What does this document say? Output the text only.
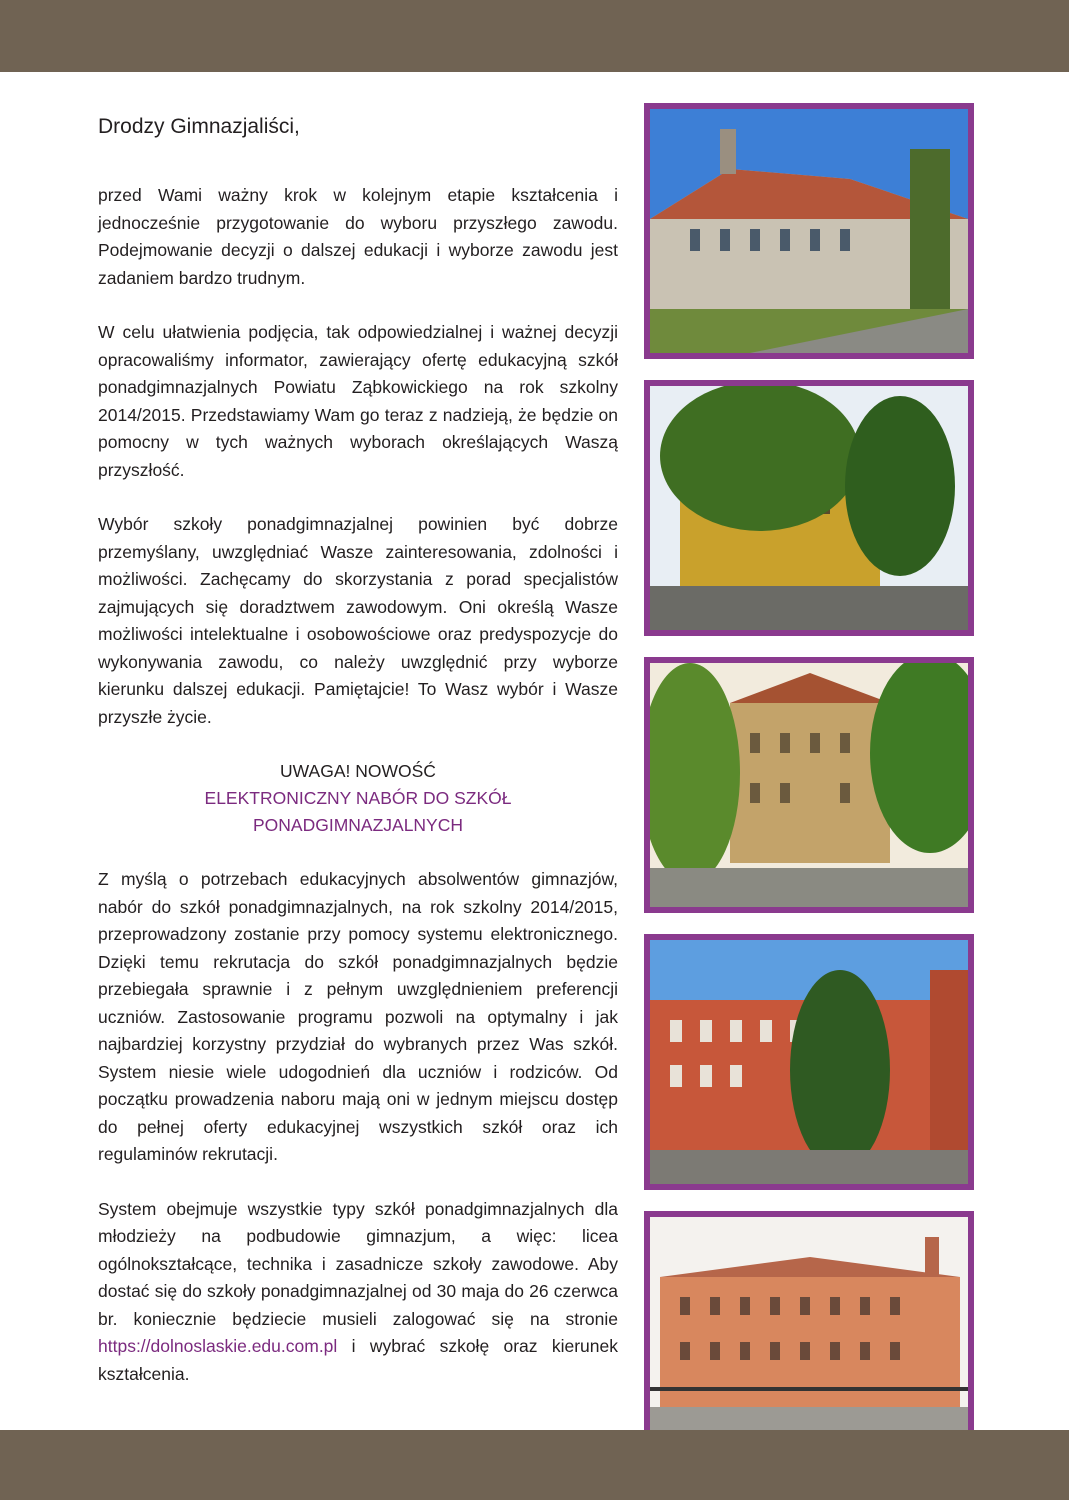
Drodzy Gimnazjaliści,

przed Wami ważny krok w kolejnym etapie kształcenia i jednocześnie przygotowanie do wyboru przyszłego zawodu. Podejmowanie decyzji o dalszej edukacji i wyborze zawodu jest zadaniem bardzo trudnym.

W celu ułatwienia podjęcia, tak odpowiedzialnej i ważnej decyzji opracowaliśmy informator, zawierający ofertę edukacyjną szkół ponadgimnazjalnych Powiatu Ząbkowickiego na rok szkolny 2014/2015. Przedstawiamy Wam go teraz z nadzieją, że będzie on pomocny w tych ważnych wyborach określających Waszą przyszłość.

Wybór szkoły ponadgimnazjalnej powinien być dobrze przemyślany, uwzględniać Wasze zainteresowania, zdolności i możliwości. Zachęcamy do skorzystania z porad specjalistów zajmujących się doradztwem zawodowym. Oni określą Wasze możliwości intelektualne i osobowościowe oraz predyspozycje do wykonywania zawodu, co należy uwzględnić przy wyborze kierunku dalszej edukacji. Pamiętajcie! To Wasz wybór i Wasze przyszłe życie.

UWAGA! NOWOŚĆ
ELEKTRONICZNY NABÓR DO SZKÓŁ
PONADGIMNAZJALNYCH

Z myślą o potrzebach edukacyjnych absolwentów gimnazjów, nabór do szkół ponadgimnazjalnych, na rok szkolny 2014/2015, przeprowadzony zostanie przy pomocy systemu elektronicznego. Dzięki temu rekrutacja do szkół ponadgimnazjalnych będzie przebiegała sprawnie i z pełnym uwzględnieniem preferencji uczniów. Zastosowanie programu pozwoli na optymalny i jak najbardziej korzystny przydział do wybranych przez Was szkół. System niesie wiele udogodnień dla uczniów i rodziców. Od początku prowadzenia naboru mają oni w jednym miejscu dostęp do pełnej oferty edukacyjnej wszystkich szkół oraz ich regulaminów rekrutacji.

System obejmuje wszystkie typy szkół ponadgimnazjalnych dla młodzieży na podbudowie gimnazjum, a więc: licea ogólnokształcące, technika i zasadnicze szkoły zawodowe. Aby dostać się do szkoły ponadgimnazjalnej od 30 maja do 26 czerwca br. koniecznie będziecie musieli zalogować się na stronie https://dolnoslaskie.edu.com.pl i wybrać szkołę oraz kierunek kształcenia.
